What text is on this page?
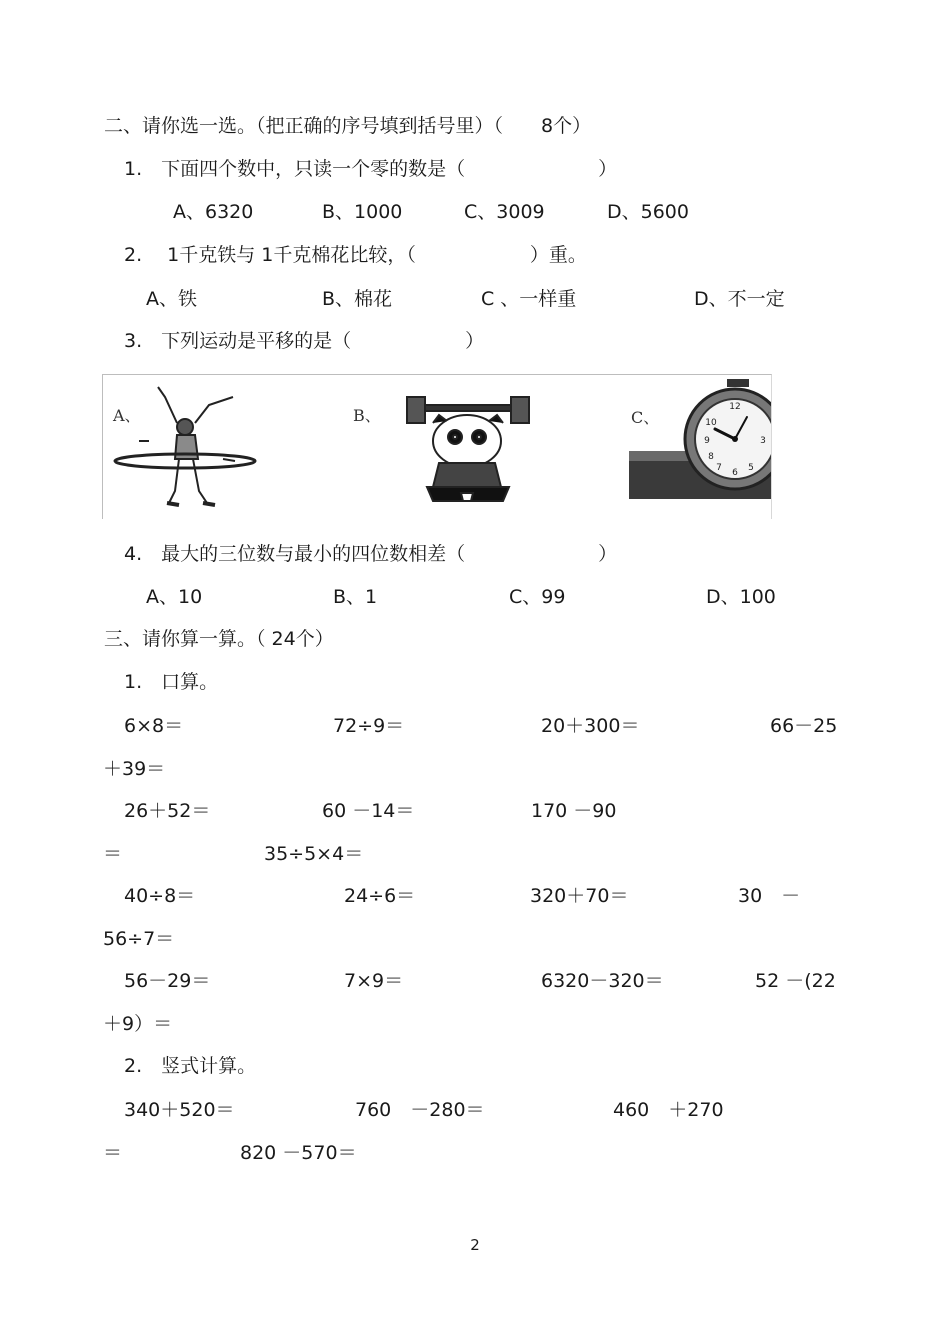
二、请你选一选。（把正确的序号填到括号里）（　　8个）
1.　下面四个数中，只读一个零的数是（　　　　　　　）
A、6320	B、1000	C、3009	D、5600
2.　 1千克铁与 1千克棉花比较，（　　　　　　）重。
A、铁	B、棉花	C 、一样重	D、不一定
3.　下列运动是平移的是（　　　　　　）
A、	B、	C、
12
3
6
9
5
7
8
10
4.　最大的三位数与最小的四位数相差（　　　　　　　）
A、10	B、1	C、99	D、100
三、请你算一算。（ 24个）
1.　口算。
6×8＝	72÷9＝	20＋300＝	66－25
＋39＝
26＋52＝	60 －14＝	170 －90
＝	35÷5×4＝
40÷8＝	24÷6＝	320＋70＝	30　－
56÷7＝
56－29＝	7×9＝	6320－320＝	52 －(22
＋9）＝
2.　竖式计算。
340＋520＝	760　－280＝	460　＋270
＝	820 －570＝
2
